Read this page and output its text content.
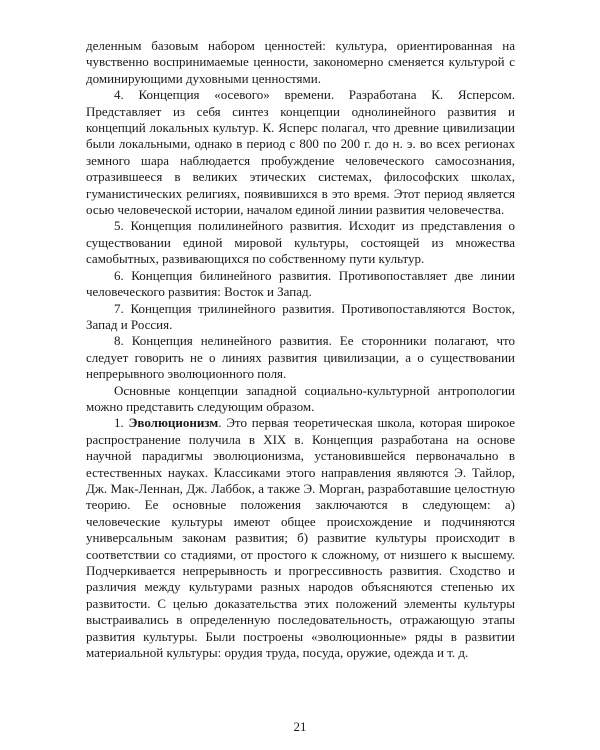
деленным базовым набором ценностей: культура, ориентированная на чувственно воспринимаемые ценности, закономерно сменяется культурой с доминирующими духовными ценностями.

4. Концепция «осевого» времени. Разработана К. Ясперсом. Представляет из себя синтез концепции однолинейного развития и концепций локальных культур. К. Ясперс полагал, что древние цивилизации были локальными, однако в период с 800 по 200 г. до н. э. во всех регионах земного шара наблюдается пробуждение человеческого самосознания, отразившееся в великих этических системах, философских школах, гуманистических религиях, появившихся в это время. Этот период является осью человеческой истории, началом единой линии развития человечества.

5. Концепция полилинейного развития. Исходит из представления о существовании единой мировой культуры, состоящей из множества самобытных, развивающихся по собственному пути культур.

6. Концепция билинейного развития. Противопоставляет две линии человеческого развития: Восток и Запад.

7. Концепция трилинейного развития. Противопоставляются Восток, Запад и Россия.

8. Концепция нелинейного развития. Ее сторонники полагают, что следует говорить не о линиях развития цивилизации, а о существовании непрерывного эволюционного поля.

Основные концепции западной социально-культурной антропологии можно представить следующим образом.

1. Эволюционизм. Это первая теоретическая школа, которая широкое распространение получила в XIX в. Концепция разработана на основе научной парадигмы эволюционизма, установившейся первоначально в естественных науках. Классиками этого направления являются Э. Тайлор, Дж. Мак-Леннан, Дж. Лаббок, а также Э. Морган, разработавшие целостную теорию. Ее основные положения заключаются в следующем: а) человеческие культуры имеют общее происхождение и подчиняются универсальным законам развития; б) развитие культуры происходит в соответствии со стадиями, от простого к сложному, от низшего к высшему. Подчеркивается непрерывность и прогрессивность развития. Сходство и различия между культурами разных народов объясняются степенью их развитости. С целью доказательства этих положений элементы культуры выстраивались в определенную последовательность, отражающую этапы развития культуры. Были построены «эволюционные» ряды в развитии материальной культуры: орудия труда, посуда, оружие, одежда и т. д.

21
